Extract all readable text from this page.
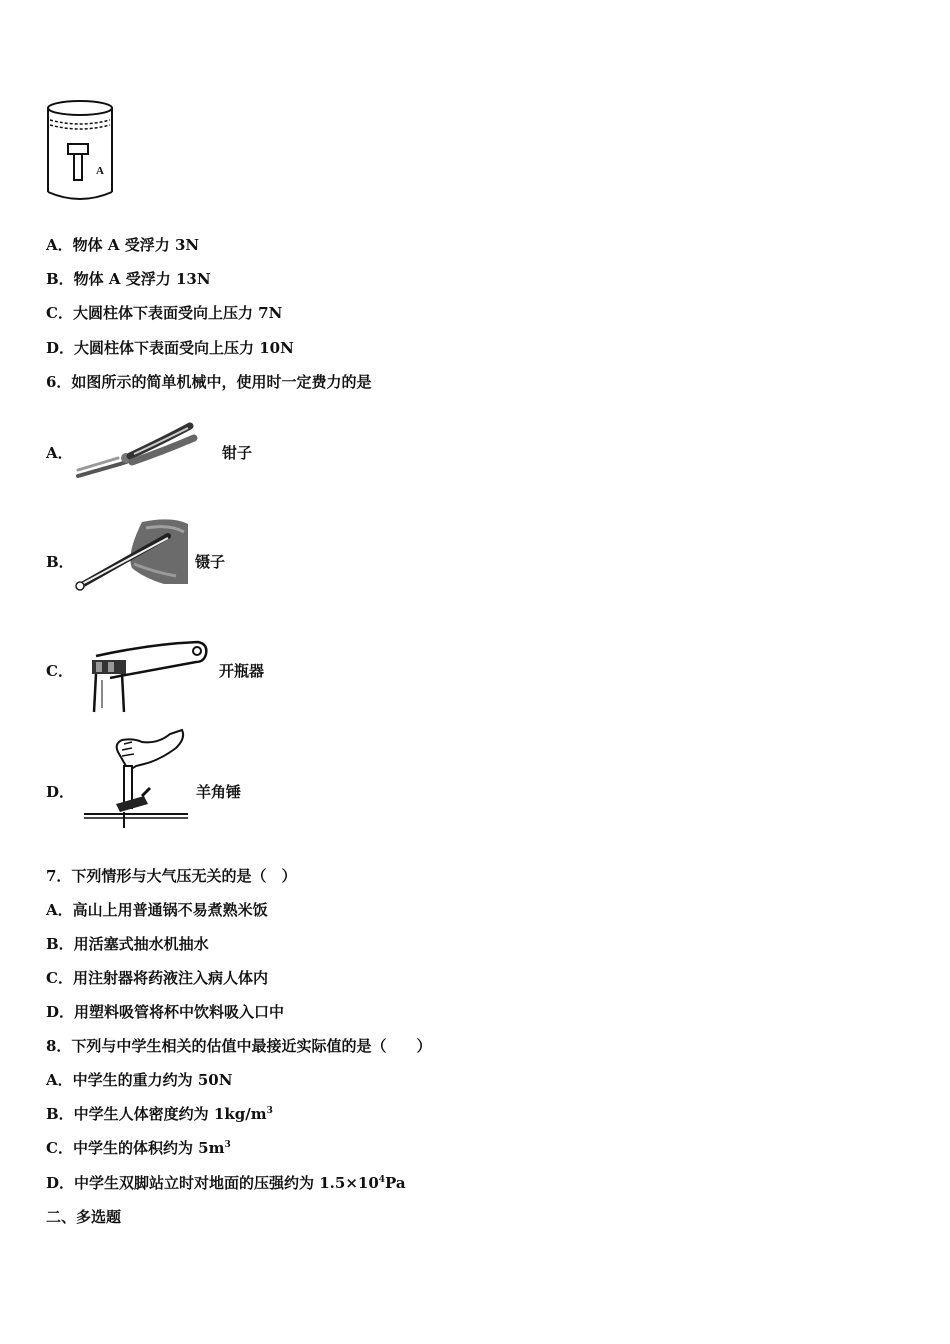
A
A．物体 A 受浮力 3N
B．物体 A 受浮力 13N
C．大圆柱体下表面受向上压力 7N
D．大圆柱体下表面受向上压力 10N
6．如图所示的简单机械中，使用时一定费力的是
A．	钳子
B．	镊子
C．	开瓶器
D．	羊角锤
7．下列情形与大气压无关的是（　）
A．高山上用普通锅不易煮熟米饭
B．用活塞式抽水机抽水
C．用注射器将药液注入病人体内
D．用塑料吸管将杯中饮料吸入口中
8．下列与中学生相关的估值中最接近实际值的是（　　）
A．中学生的重力约为 50N
B．中学生人体密度约为 $1kg/m^3$
C．中学生的体积约为 $5m^3$
D．中学生双脚站立时对地面的压强约为 $1.5\times 10^4Pa$
二、多选题
